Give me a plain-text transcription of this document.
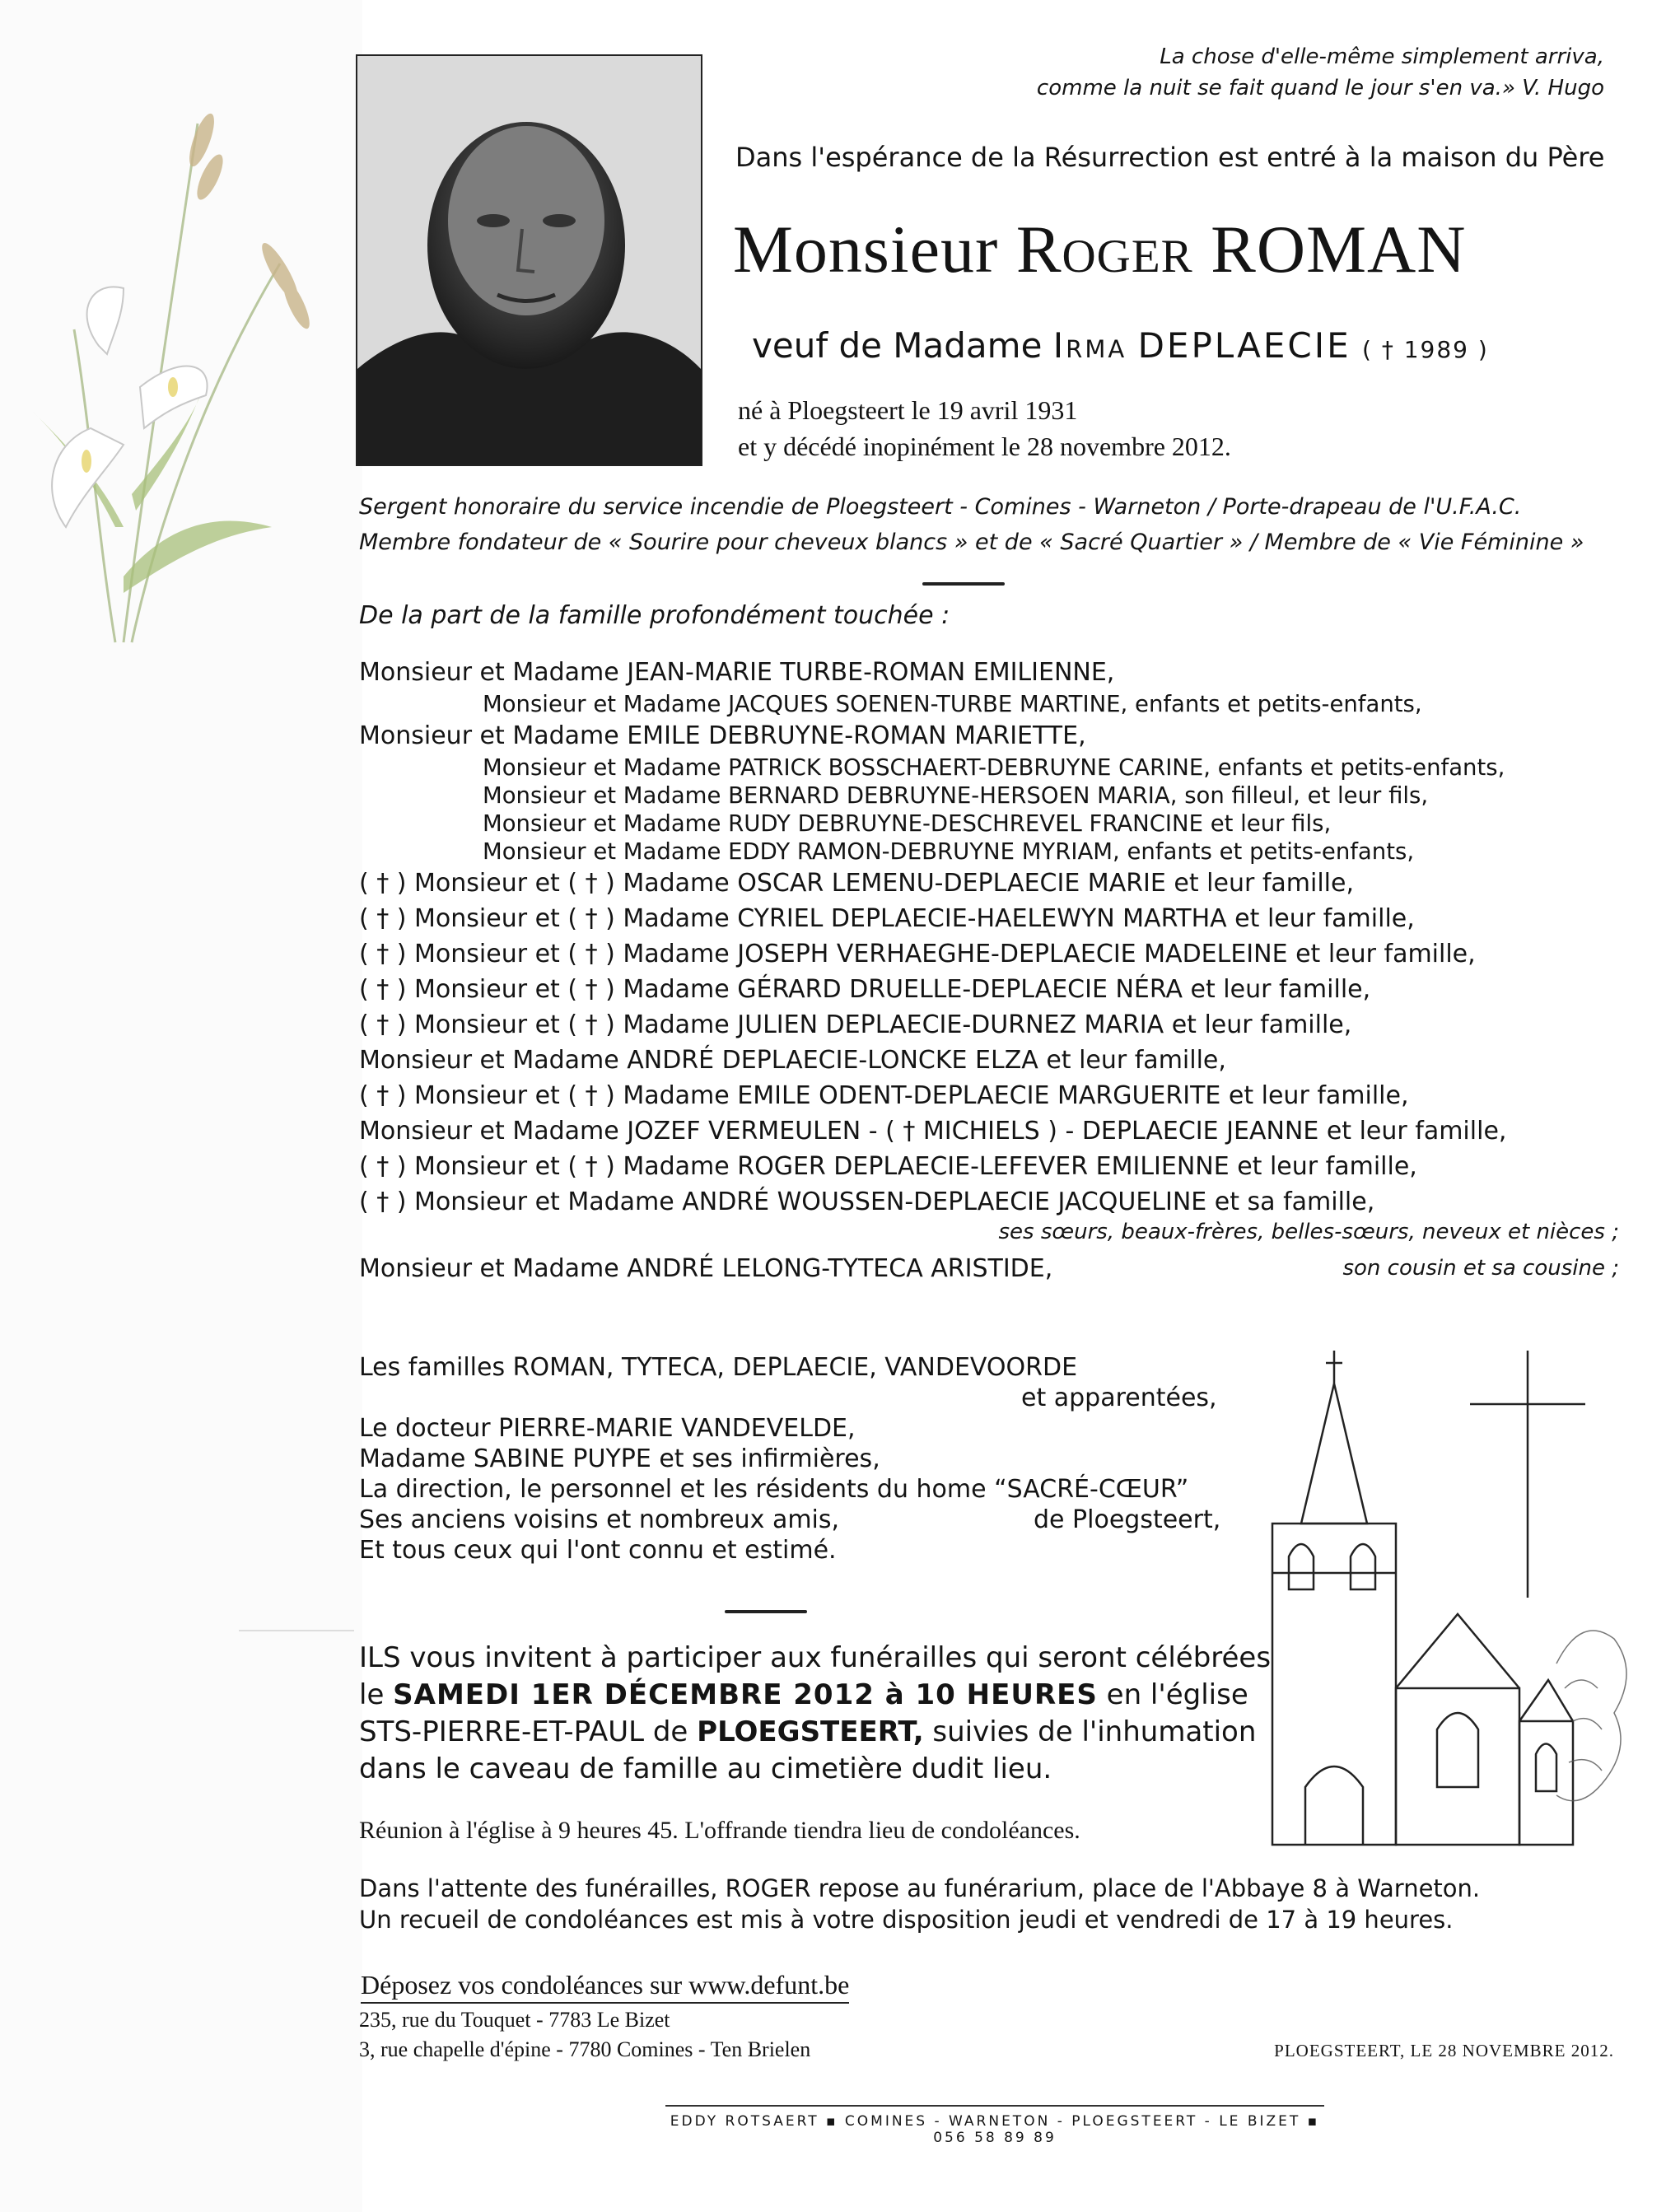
La chose d'elle-même simplement arriva,
comme la nuit se fait quand le jour s'en va.» V. Hugo
Dans l'espérance de la Résurrection est entré à la maison du Père
Monsieur Roger ROMAN
veuf de Madame Irma DEPLAECIE ( † 1989 )
né à Ploegsteert le 19 avril 1931
et y décédé inopinément le 28 novembre 2012.
Sergent honoraire du service incendie de Ploegsteert - Comines - Warneton / Porte-drapeau de l'U.F.A.C.
Membre fondateur de « Sourire pour cheveux blancs » et de « Sacré Quartier » / Membre de « Vie Féminine »
De la part de la famille profondément touchée :
Monsieur et Madame JEAN-MARIE TURBE-ROMAN EMILIENNE,
Monsieur et Madame JACQUES SOENEN-TURBE MARTINE, enfants et petits-enfants,
Monsieur et Madame EMILE DEBRUYNE-ROMAN MARIETTE,
Monsieur et Madame PATRICK BOSSCHAERT-DEBRUYNE CARINE, enfants et petits-enfants,
Monsieur et Madame BERNARD DEBRUYNE-HERSOEN MARIA, son filleul, et leur fils,
Monsieur et Madame RUDY DEBRUYNE-DESCHREVEL FRANCINE et leur fils,
Monsieur et Madame EDDY RAMON-DEBRUYNE MYRIAM, enfants et petits-enfants,
( † ) Monsieur et ( † ) Madame OSCAR LEMENU-DEPLAECIE MARIE et leur famille,
( † ) Monsieur et ( † ) Madame CYRIEL DEPLAECIE-HAELEWYN MARTHA et leur famille,
( † ) Monsieur et ( † ) Madame JOSEPH VERHAEGHE-DEPLAECIE MADELEINE et leur famille,
( † ) Monsieur et ( † ) Madame GÉRARD DRUELLE-DEPLAECIE NÉRA et leur famille,
( † ) Monsieur et ( † ) Madame JULIEN DEPLAECIE-DURNEZ MARIA et leur famille,
Monsieur et Madame ANDRÉ DEPLAECIE-LONCKE ELZA et leur famille,
( † ) Monsieur et ( † ) Madame EMILE ODENT-DEPLAECIE MARGUERITE et leur famille,
Monsieur et Madame JOZEF VERMEULEN - ( † MICHIELS ) - DEPLAECIE JEANNE et leur famille,
( † ) Monsieur et ( † ) Madame ROGER DEPLAECIE-LEFEVER EMILIENNE et leur famille,
( † ) Monsieur et Madame ANDRÉ WOUSSEN-DEPLAECIE JACQUELINE et sa famille,
ses sœurs, beaux-frères, belles-sœurs, neveux et nièces ;
Monsieur et Madame ANDRÉ LELONG-TYTECA ARISTIDE,	son cousin et sa cousine ;
Les familles ROMAN, TYTECA, DEPLAECIE, VANDEVOORDE
et apparentées,
Le docteur PIERRE-MARIE VANDEVELDE,
Madame SABINE PUYPE et ses infirmières,
La direction, le personnel et les résidents du home “SACRÉ-CŒUR”
Ses anciens voisins et nombreux amis,	de Ploegsteert,
Et tous ceux qui l'ont connu et estimé.
ILS vous invitent à participer aux funérailles qui seront célébrées
le SAMEDI 1ER DÉCEMBRE 2012 à 10 HEURES en l'église
STS-PIERRE-ET-PAUL de PLOEGSTEERT, suivies de l'inhumation
dans le caveau de famille au cimetière dudit lieu.
Réunion à l'église à 9 heures 45. L'offrande tiendra lieu de condoléances.
Dans l'attente des funérailles, ROGER repose au funérarium, place de l'Abbaye 8 à Warneton.
Un recueil de condoléances est mis à votre disposition jeudi et vendredi de 17 à 19 heures.
Déposez vos condoléances sur www.defunt.be
235, rue du Touquet - 7783 Le Bizet
3, rue chapelle d'épine - 7780 Comines - Ten Brielen	PLOEGSTEERT, LE 28 NOVEMBRE 2012.
EDDY ROTSAERT ▪ COMINES - WARNETON - PLOEGSTEERT - LE BIZET ▪ 056 58 89 89
